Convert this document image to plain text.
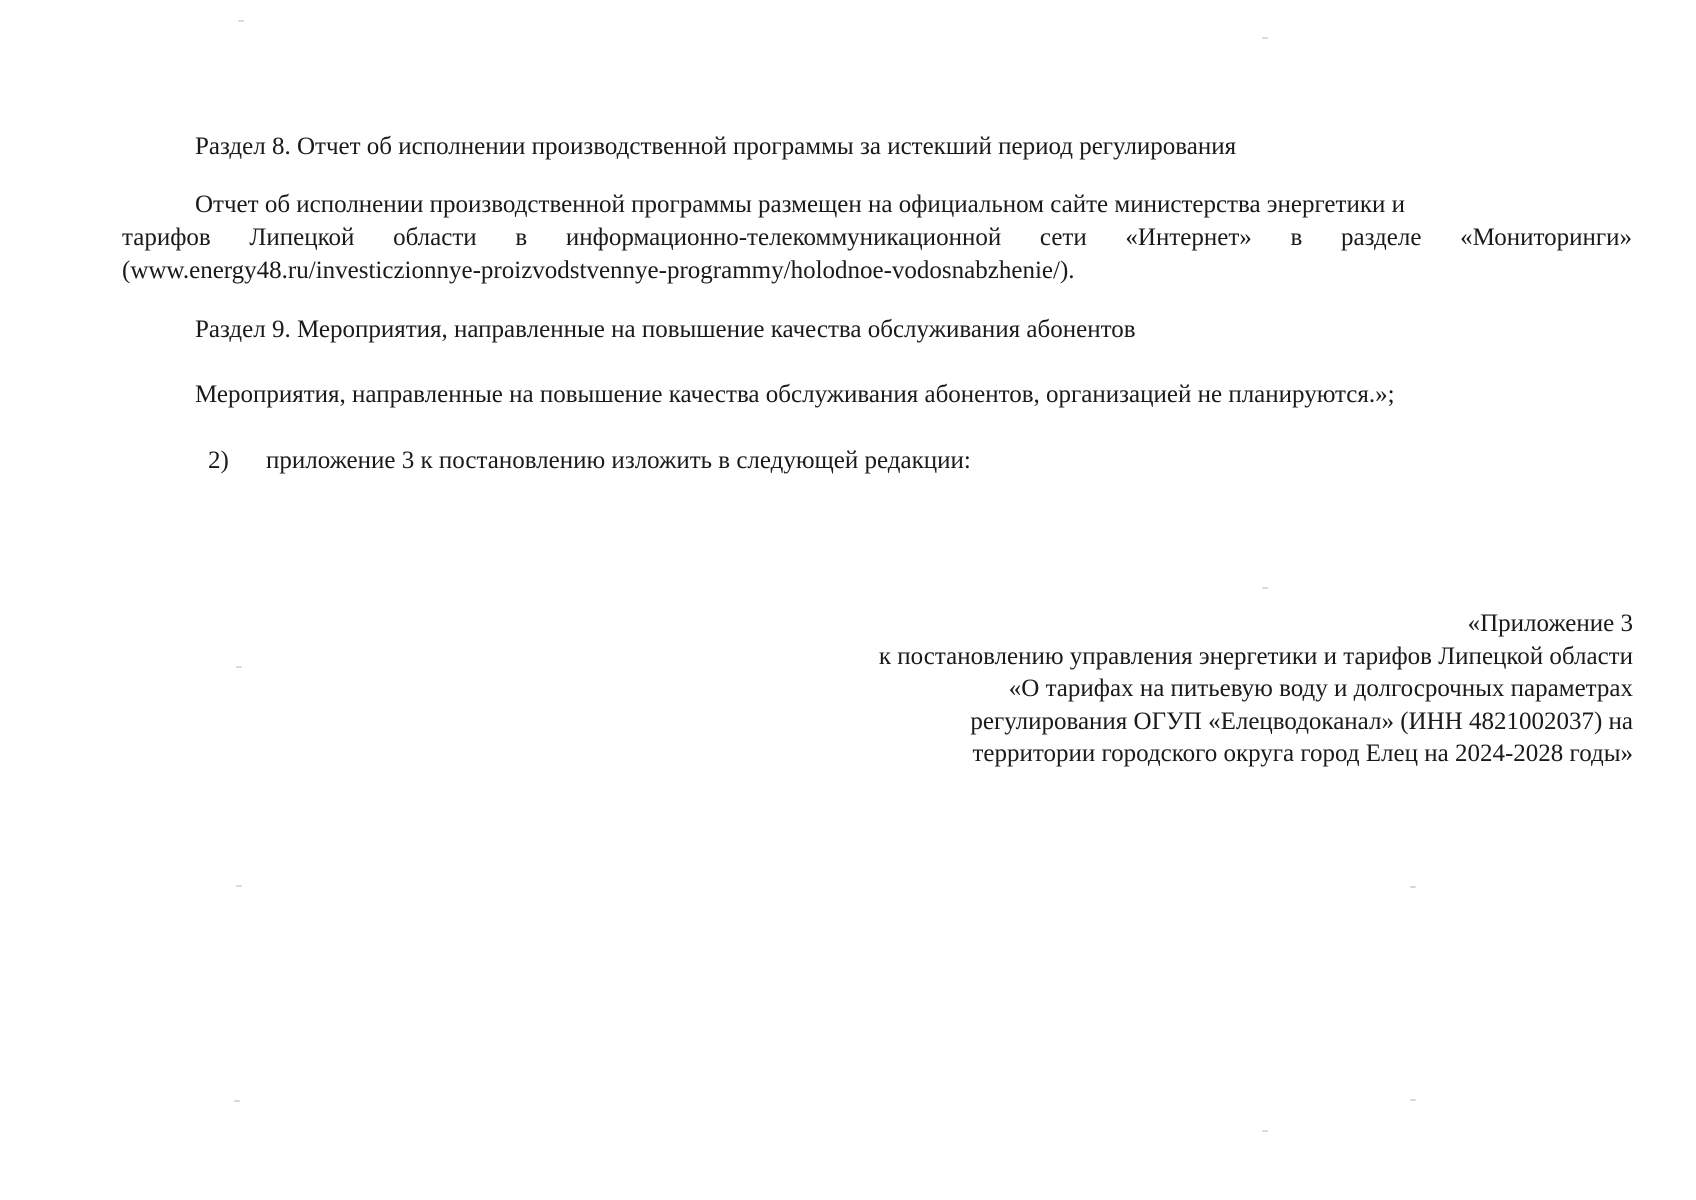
Раздел 8. Отчет об исполнении производственной программы за истекший период регулирования
Отчет об исполнении производственной программы размещен на официальном сайте министерства энергетики и
тарифов Липецкой области в информационно-телекоммуникационной сети «Интернет» в разделе «Мониторинги»
(www.energy48.ru/investiczionnye-proizvodstvennye-programmy/holodnoe-vodosnabzhenie/).
Раздел 9. Мероприятия, направленные на повышение качества обслуживания абонентов
Мероприятия, направленные на повышение качества обслуживания абонентов, организацией не планируются.»;
2) приложение 3 к постановлению изложить в следующей редакции:
«Приложение 3
к постановлению управления энергетики и тарифов Липецкой области
«О тарифах на питьевую воду и долгосрочных параметрах
регулирования ОГУП «Елецводоканал» (ИНН 4821002037) на
территории городского округа город Елец на 2024-2028 годы»
